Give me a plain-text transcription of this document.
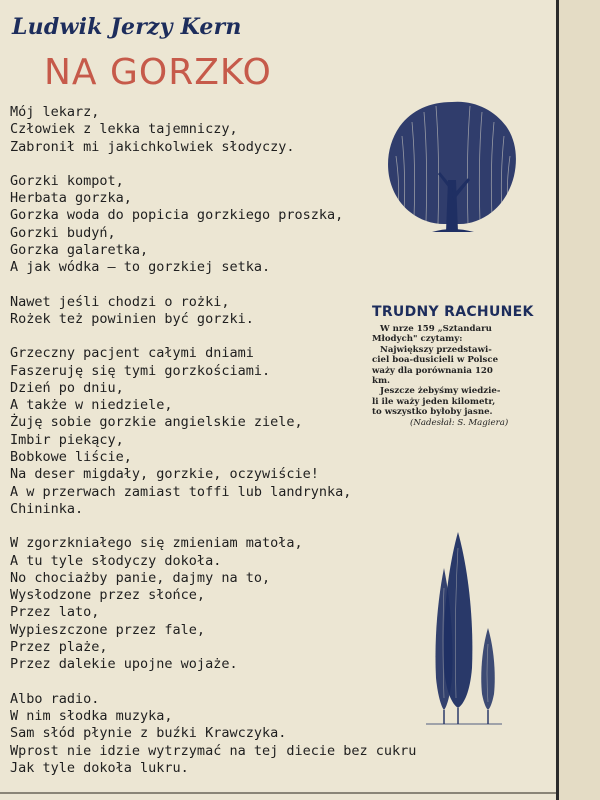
Ludwik Jerzy Kern
NA GORZKO
Mój lekarz,
Człowiek z lekka tajemniczy,
Zabronił mi jakichkolwiek słodyczy.
Gorzki kompot,
Herbata gorzka,
Gorzka woda do popicia gorzkiego proszka,
Gorzki budyń,
Gorzka galaretka,
A jak wódka — to gorzkiej setka.
Nawet jeśli chodzi o rożki,
Rożek też powinien być gorzki.
Grzeczny pacjent całymi dniami
Faszeruję się tymi gorzkościami.
Dzień po dniu,
A także w niedziele,
Żuję sobie gorzkie angielskie ziele,
Imbir piekący,
Bobkowe liście,
Na deser migdały, gorzkie, oczywiście!
A w przerwach zamiast toffi lub landrynka,
Chininka.
W zgorzkniałego się zmieniam matoła,
A tu tyle słodyczy dokoła.
No chociażby panie, dajmy na to,
Wysłodzone przez słońce,
Przez lato,
Wypieszczone przez fale,
Przez plaże,
Przez dalekie upojne wojaże.
Albo radio.
W nim słodka muzyka,
Sam słód płynie z buźki Krawczyka.
Wprost nie idzie wytrzymać na tej diecie bez cukru
Jak tyle dokoła lukru.
TRUDNY RACHUNEK
W nrze 159 „Sztandaru
Młodych" czytamy:
Największy przedstawi-
ciel boa-dusicieli w Polsce
waży dla porównania 120
km.
Jeszcze żebyśmy wiedzie-
li ile waży jeden kilometr,
to wszystko byłoby jasne.
(Nadesłał: S. Magiera)
